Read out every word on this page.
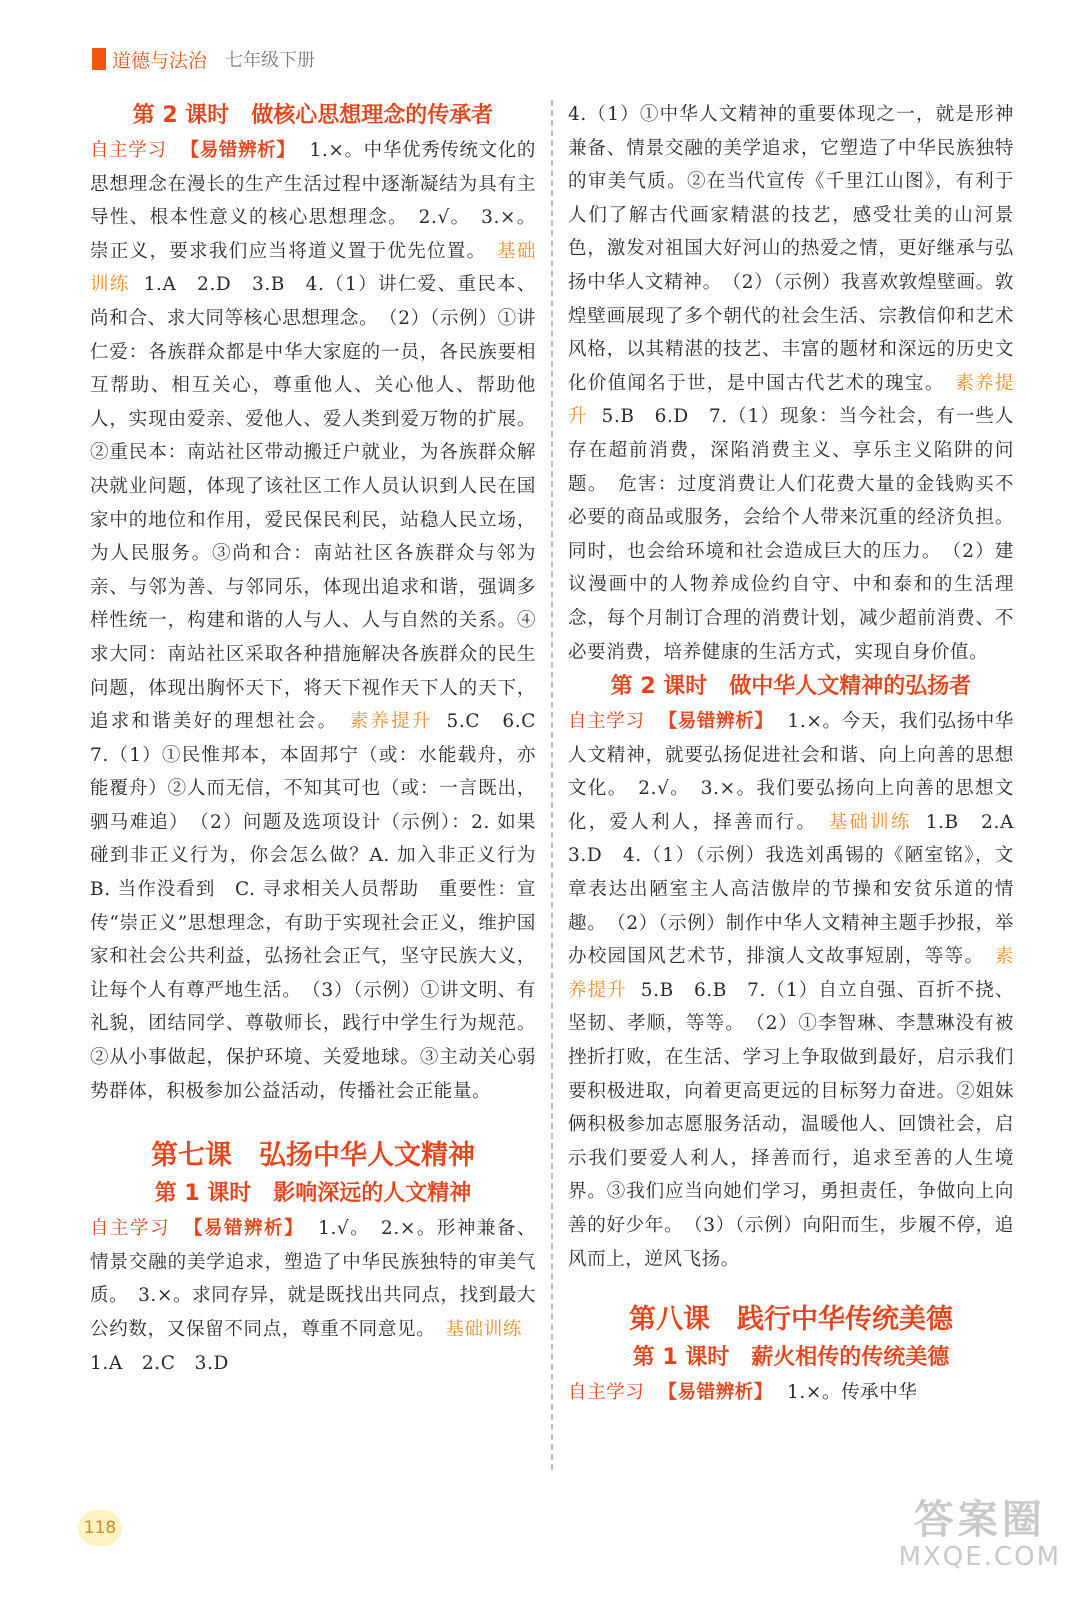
道德与法治 七年级下册
第 2 课时　做核心思想理念的传承者

自主学习 【易错辨析】 1.×。中华优秀传统文化的思想理念在漫长的生产生活过程中逐渐凝结为具有主导性、根本性意义的核心思想理念。　2.√。　3.×。崇正义，要求我们应当将道义置于优先位置。　基础训练 1.A　2.D　3.B　4.（1）讲仁爱、重民本、尚和合、求大同等核心思想理念。　（2）（示例）①讲仁爱：各族群众都是中华大家庭的一员，各民族要相互帮助、相互关心，尊重他人、关心他人、帮助他人，实现由爱亲、爱他人、爱人类到爱万物的扩展。②重民本：南站社区带动搬迁户就业，为各族群众解决就业问题，体现了该社区工作人员认识到人民在国家中的地位和作用，爱民保民利民，站稳人民立场，为人民服务。③尚和合：南站社区各族群众与邻为亲、与邻为善、与邻同乐，体现出追求和谐，强调多样性统一，构建和谐的人与人、人与自然的关系。④求大同：南站社区采取各种措施解决各族群众的民生问题，体现出胸怀天下，将天下视作天下人的天下，追求和谐美好的理想社会。　素养提升 5.C　6.C　7.（1）①民惟邦本，本固邦宁（或：水能载舟，亦能覆舟）②人而无信，不知其可也（或：一言既出，驷马难追）　（2）问题及选项设计（示例）：2. 如果碰到非正义行为，你会怎么做？A. 加入非正义行为　B. 当作没看到　C. 寻求相关人员帮助　重要性：宣传“崇正义”思想理念，有助于实现社会正义，维护国家和社会公共利益，弘扬社会正气，坚守民族大义，让每个人有尊严地生活。　（3）（示例）①讲文明、有礼貌，团结同学、尊敬师长，践行中学生行为规范。②从小事做起，保护环境、关爱地球。③主动关心弱势群体，积极参加公益活动，传播社会正能量。

第七课　弘扬中华人文精神
第 1 课时　影响深远的人文精神

自主学习 【易错辨析】 1.√。　2.×。形神兼备、情景交融的美学追求，塑造了中华民族独特的审美气质。　3.×。求同存异，就是既找出共同点，找到最大公约数，又保留不同点，尊重不同意见。　基础训练1.A　2.C　3.D

4.（1）①中华人文精神的重要体现之一，就是形神兼备、情景交融的美学追求，它塑造了中华民族独特的审美气质。②在当代宣传《千里江山图》，有利于人们了解古代画家精湛的技艺，感受壮美的山河景色，激发对祖国大好河山的热爱之情，更好继承与弘扬中华人文精神。　（2）（示例）我喜欢敦煌壁画。敦煌壁画展现了多个朝代的社会生活、宗教信仰和艺术风格，以其精湛的技艺、丰富的题材和深远的历史文化价值闻名于世，是中国古代艺术的瑰宝。　素养提升 5.B　6.D　7.（1）现象：当今社会，有一些人存在超前消费，深陷消费主义、享乐主义陷阱的问题。　危害：过度消费让人们花费大量的金钱购买不必要的商品或服务，会给个人带来沉重的经济负担。同时，也会给环境和社会造成巨大的压力。　（2）建议漫画中的人物养成俭约自守、中和泰和的生活理念，每个月制订合理的消费计划，减少超前消费、不必要消费，培养健康的生活方式，实现自身价值。

第 2 课时　做中华人文精神的弘扬者

自主学习 【易错辨析】 1.×。今天，我们弘扬中华人文精神，就要弘扬促进社会和谐、向上向善的思想文化。　2.√。　3.×。我们要弘扬向上向善的思想文化，爱人利人，择善而行。　基础训练 1.B　2.A　3.D　4.（1）（示例）我选刘禹锡的《陋室铭》，文章表达出陋室主人高洁傲岸的节操和安贫乐道的情趣。　（2）（示例）制作中华人文精神主题手抄报，举办校园国风艺术节，排演人文故事短剧，等等。　素养提升 5.B　6.B　7.（1）自立自强、百折不挠、坚韧、孝顺，等等。　（2）①李智琳、李慧琳没有被挫折打败，在生活、学习上争取做到最好，启示我们要积极进取，向着更高更远的目标努力奋进。②姐妹俩积极参加志愿服务活动，温暖他人、回馈社会，启示我们要爱人利人，择善而行，追求至善的人生境界。③我们应当向她们学习，勇担责任，争做向上向善的好少年。　（3）（示例）向阳而生，步履不停，追风而上，逆风飞扬。

第八课　践行中华传统美德
第 1 课时　薪火相传的传统美德

自主学习 【易错辨析】 1.×。传承中华

118	答案圈
MXQE.COM
